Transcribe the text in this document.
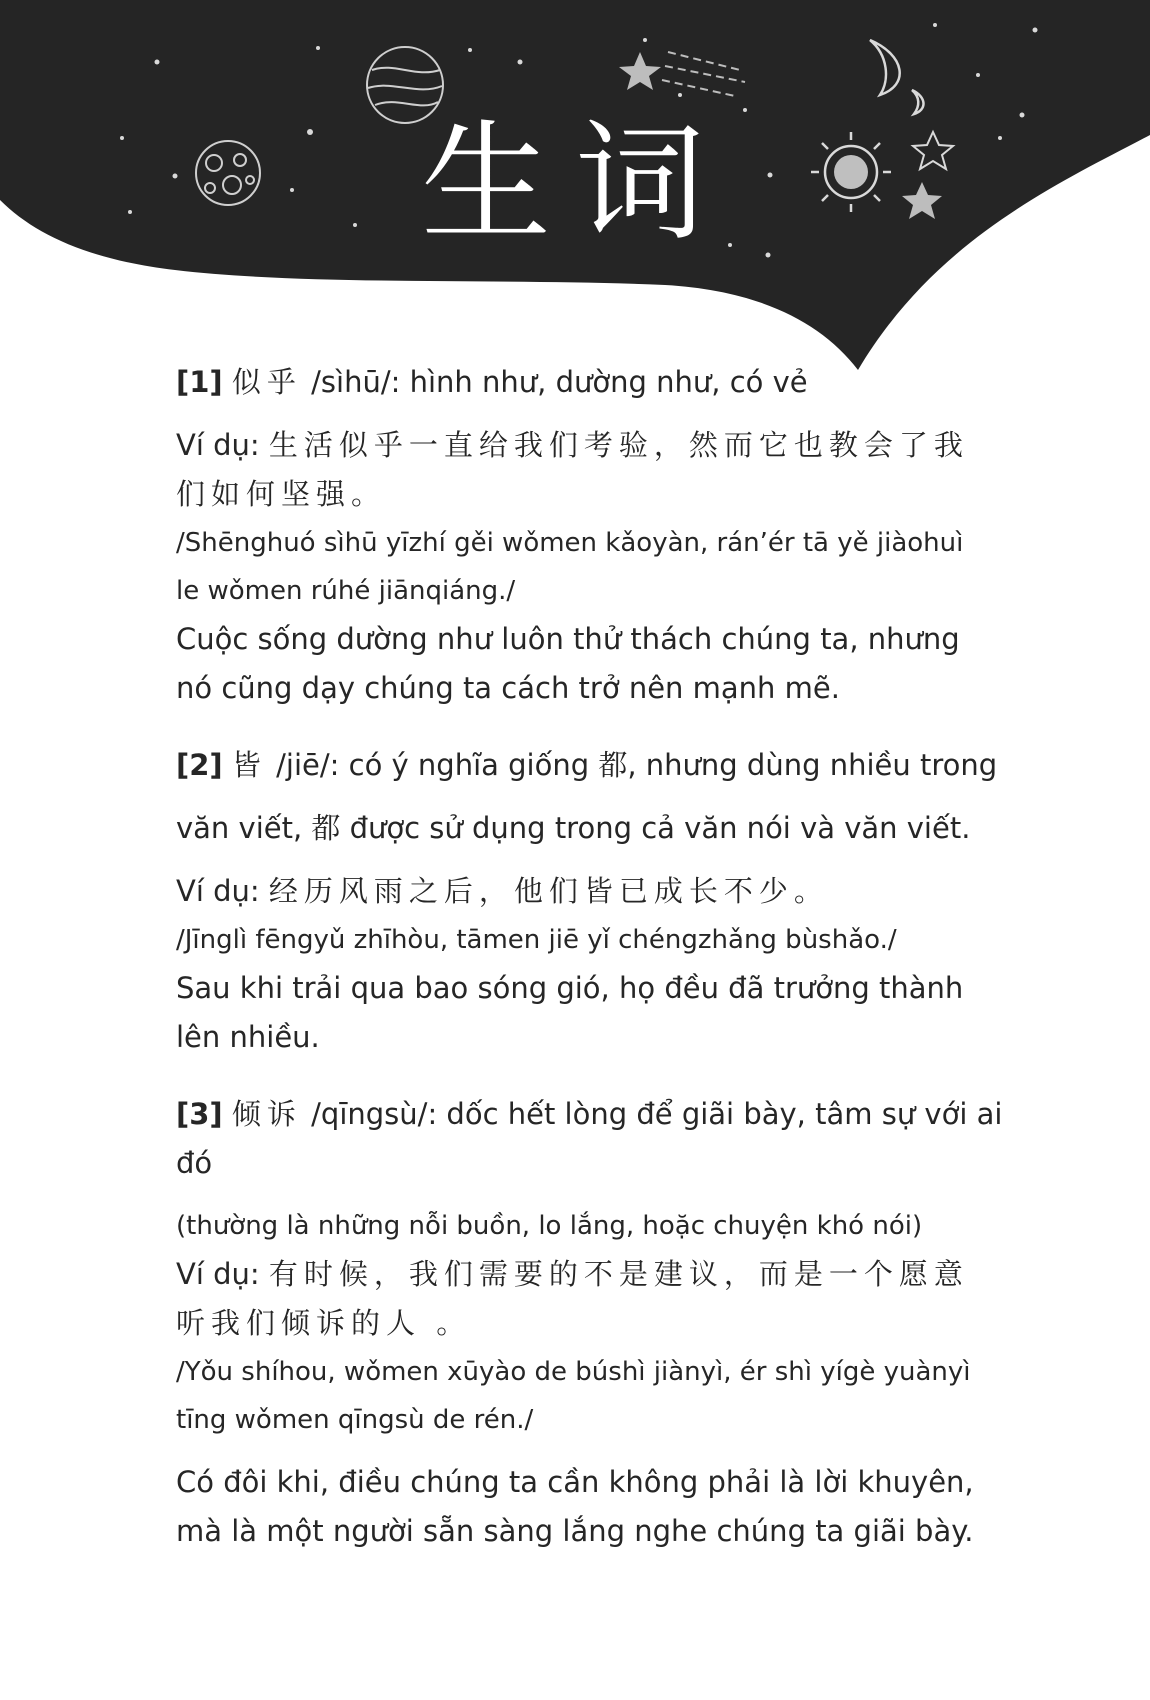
生词

[1] 似乎 /sìhū/: hình như, dường như, có vẻ

Ví dụ: 生活似乎一直给我们考验，然而它也教会了我

们如何坚强。

/Shēnghuó sìhū yīzhí gěi wǒmen kǎoyàn, rán’ér tā yě jiàohuì

le wǒmen rúhé jiānqiáng./

Cuộc sống dường như luôn thử thách chúng ta, nhưng

nó cũng dạy chúng ta cách trở nên mạnh mẽ.

[2] 皆 /jiē/: có ý nghĩa giống 都, nhưng dùng nhiều trong

văn viết, 都 được sử dụng trong cả văn nói và văn viết.

Ví dụ: 经历风雨之后，他们皆已成长不少。

/Jīnglì fēngyǔ zhīhòu, tāmen jiē yǐ chéngzhǎng bùshǎo./

Sau khi trải qua bao sóng gió, họ đều đã trưởng thành

lên nhiều.

[3] 倾诉 /qīngsù/: dốc hết lòng để giãi bày, tâm sự với ai đó

(thường là những nỗi buồn, lo lắng, hoặc chuyện khó nói)

Ví dụ: 有时候，我们需要的不是建议，而是一个愿意

听我们倾诉的人 。

/Yǒu shíhou, wǒmen xūyào de búshì jiànyì, ér shì yígè yuànyì

tīng wǒmen qīngsù de rén./

Có đôi khi, điều chúng ta cần không phải là lời khuyên,

mà là một người sẵn sàng lắng nghe chúng ta giãi bày.
